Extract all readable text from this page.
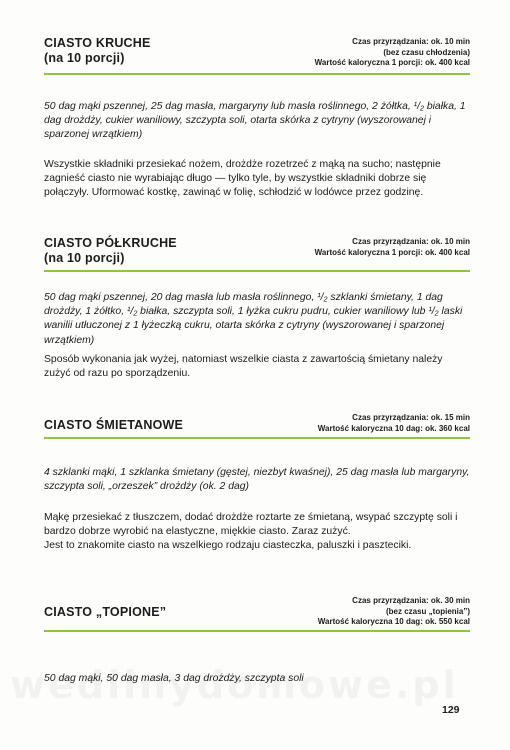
CIASTO KRUCHE
(na 10 porcji)
Czas przyrządzania: ok. 10 min
(bez czasu chłodzenia)
Wartość kaloryczna 1 porcji: ok. 400 kcal

50 dag mąki pszennej, 25 dag masła, margaryny lub masła roślinnego, 2 żółtka, ¹/₂ białka, 1 dag drożdży, cukier waniliowy, szczypta soli, otarta skórka z cytryny (wyszorowanej i sparzonej wrzątkiem)

Wszystkie składniki przesiekać nożem, drożdże rozetrzeć z mąką na sucho; następnie zagnieść ciasto nie wyrabiając długo — tylko tyle, by wszystkie składniki dobrze się połączyły. Uformować kostkę, zawinąć w folię, schłodzić w lodówce przez godzinę.

CIASTO PÓŁKRUCHE
(na 10 porcji)
Czas przyrządzania: ok. 10 min
Wartość kaloryczna 1 porcji: ok. 400 kcal

50 dag mąki pszennej, 20 dag masła lub masła roślinnego, ¹/₂ szklanki śmietany, 1 dag drożdży, 1 żółtko, ¹/₂ białka, szczypta soli, 1 łyżka cukru pudru, cukier waniliowy lub ¹/₂ laski wanilii utłuczonej z 1 łyżeczką cukru, otarta skórka z cytryny (wyszorowanej i sparzonej wrzątkiem)

Sposób wykonania jak wyżej, natomiast wszelkie ciasta z zawartością śmietany należy zużyć od razu po sporządzeniu.

CIASTO ŚMIETANOWE	Czas przyrządzania: ok. 15 min
Wartość kaloryczna 10 dag: ok. 360 kcal

4 szklanki mąki, 1 szklanka śmietany (gęstej, niezbyt kwaśnej), 25 dag masła lub margaryny, szczypta soli, „orzeszek” drożdży (ok. 2 dag)

Mąkę przesiekać z tłuszczem, dodać drożdże roztarte ze śmietaną, wsypać szczyptę soli i bardzo dobrze wyrobić na elastyczne, miękkie ciasto. Zaraz zużyć.

Jest to znakomite ciasto na wszelkiego rodzaju ciasteczka, paluszki i paszteciki.

CIASTO „TOPIONE”
Czas przyrządzania: ok. 30 min
(bez czasu „topienia”)
Wartość kaloryczna 10 dag: ok. 550 kcal

50 dag mąki, 50 dag masła, 3 dag drożdży, szczypta soli

129
